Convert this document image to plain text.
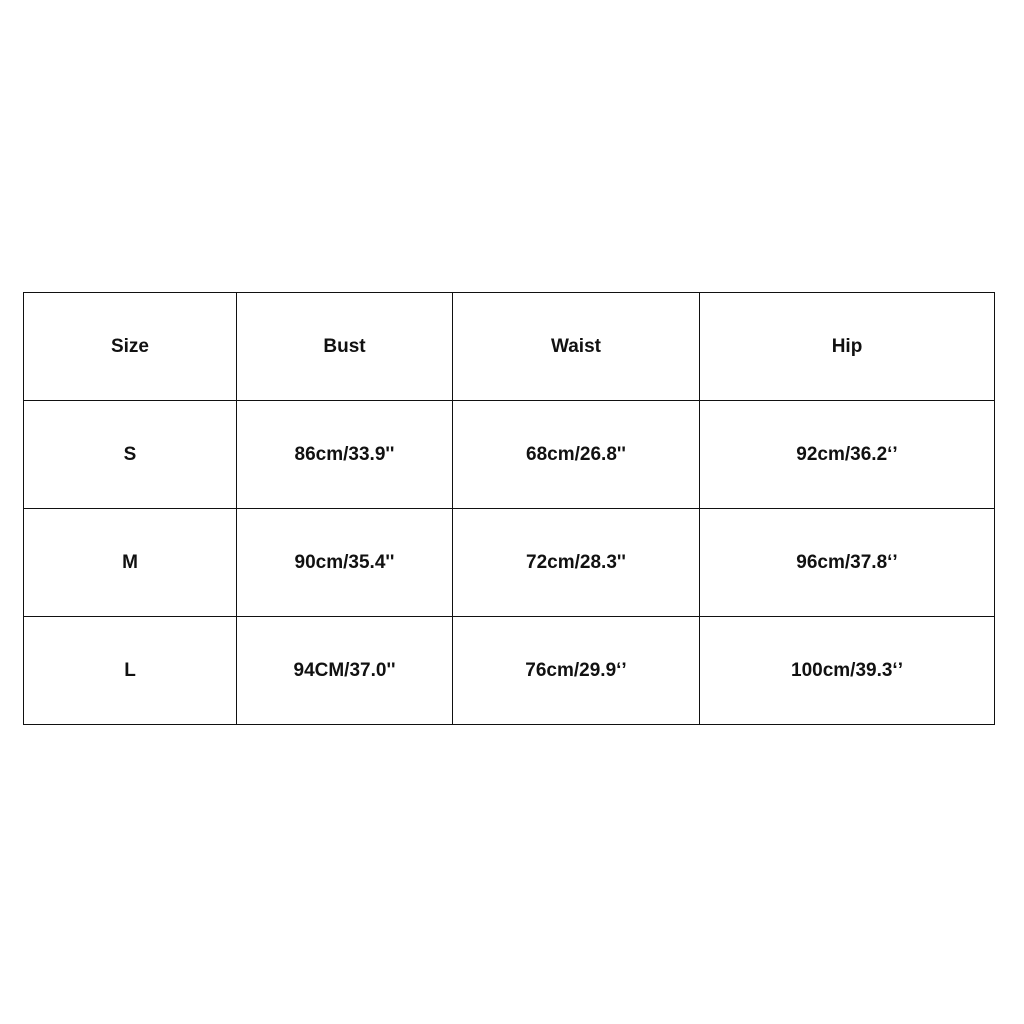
Size	Bust	Waist	Hip
S	86cm/33.9''	68cm/26.8''	92cm/36.2‘’
M	90cm/35.4''	72cm/28.3''	96cm/37.8‘’
L	94CM/37.0''	76cm/29.9‘’	100cm/39.3‘’
